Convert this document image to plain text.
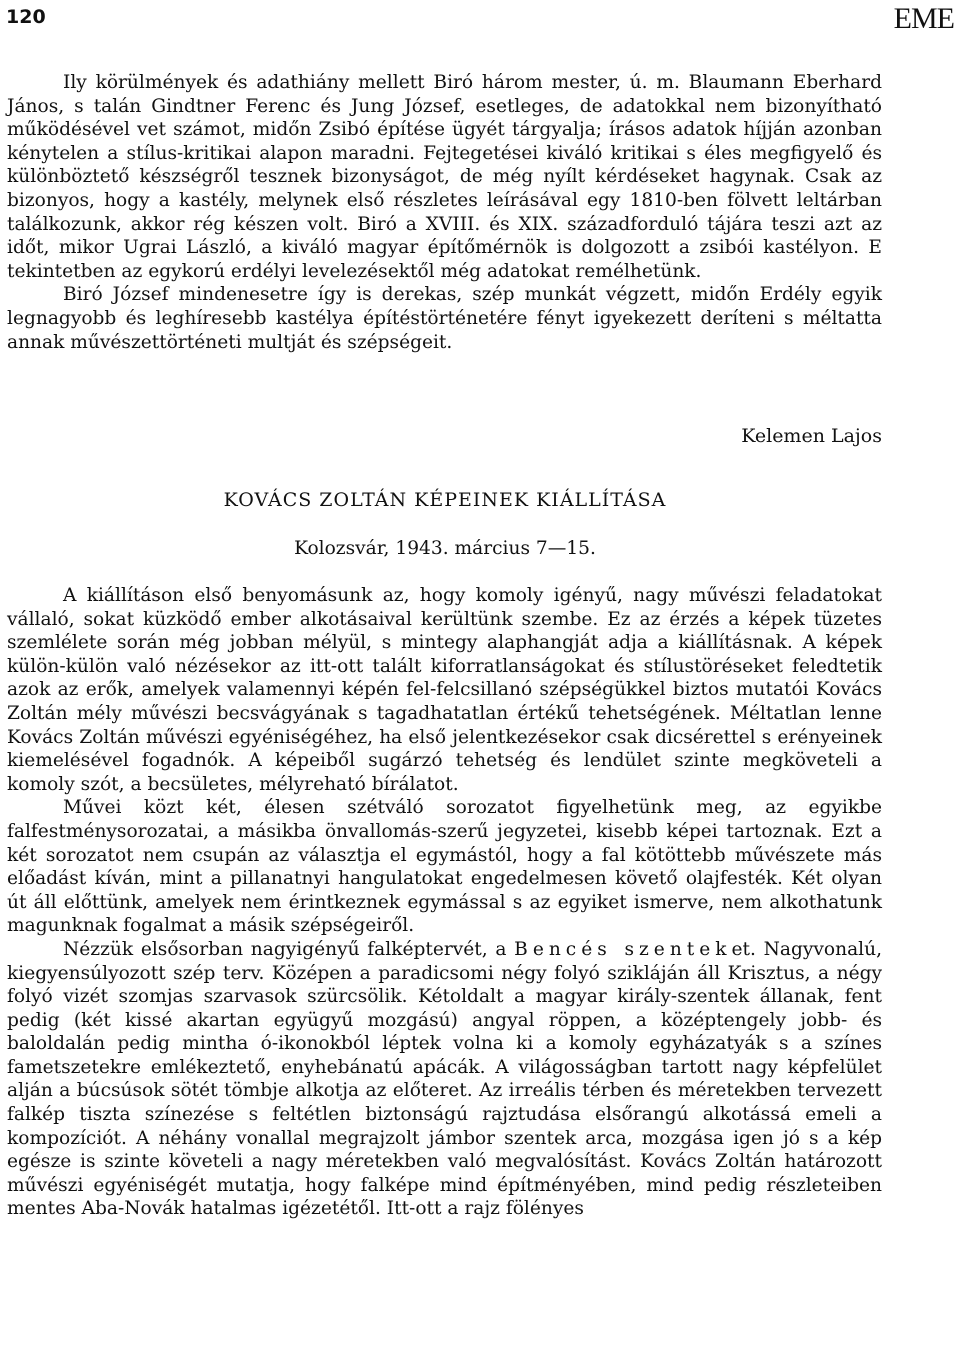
120	EME

Ily körülmények és adathiány mellett Biró három mester, ú. m. Blaumann Eberhard János, s talán Gindtner Ferenc és Jung József, esetleges, de adatokkal nem bizonyítható működésével vet számot, midőn Zsibó építése ügyét tárgyalja; írásos adatok híjján azonban kénytelen a stílus-kritikai alapon maradni. Fejtegetései kiváló kritikai s éles megfigyelő és különböztető készségről tesznek bizonyságot, de még nyílt kérdéseket hagynak. Csak az bizonyos, hogy a kastély, melynek első részletes leírásával egy 1810-ben fölvett leltárban találkozunk, akkor rég készen volt. Biró a XVIII. és XIX. századforduló tájára teszi azt az időt, mikor Ugrai László, a kiváló magyar építőmérnök is dolgozott a zsibói kastélyon. E tekintetben az egykorú erdélyi levelezésektől még adatokat remélhetünk.

Biró József mindenesetre így is derekas, szép munkát végzett, midőn Erdély egyik legnagyobb és leghíresebb kastélya építéstörténetére fényt igyekezett deríteni s méltatta annak művészettörténeti multját és szépségeit.

Kelemen Lajos
KOVÁCS ZOLTÁN KÉPEINEK KIÁLLÍTÁSA
Kolozsvár, 1943. március 7—15.

A kiállításon első benyomásunk az, hogy komoly igényű, nagy művészi feladatokat vállaló, sokat küzködő ember alkotásaival kerültünk szembe. Ez az érzés a képek tüzetes szemlélete során még jobban mélyül, s mintegy alaphangját adja a kiállításnak. A képek külön-külön való nézésekor az itt-ott talált kiforratlanságokat és stílustöréseket feledtetik azok az erők, amelyek valamennyi képén fel-felcsillanó szépségükkel biztos mutatói Kovács Zoltán mély művészi becsvágyának s tagadhatatlan értékű tehetségének. Méltatlan lenne Kovács Zoltán művészi egyéniségéhez, ha első jelentkezésekor csak dicsérettel s erényeinek kiemelésével fogadnók. A képeiből sugárzó tehetség és lendület szinte megköveteli a komoly szót, a becsületes, mélyreható bírálatot.

Művei közt két, élesen szétváló sorozatot figyelhetünk meg, az egyikbe falfestménysorozatai, a másikba önvallomás-szerű jegyzetei, kisebb képei tartoznak. Ezt a két sorozatot nem csupán az választja el egymástól, hogy a fal kötöttebb művészete más előadást kíván, mint a pillanatnyi hangulatokat engedelmesen követő olajfesték. Két olyan út áll előttünk, amelyek nem érintkeznek egymással s az egyiket ismerve, nem alkothatunk magunknak fogalmat a másik szépségeiről.

Nézzük elsősorban nagyigényű falképtervét, a Bencés szenteket. Nagyvonalú, kiegyensúlyozott szép terv. Középen a paradicsomi négy folyó szikláján áll Krisztus, a négy folyó vizét szomjas szarvasok szürcsölik. Kétoldalt a magyar király-szentek állanak, fent pedig (két kissé akartan együgyű mozgású) angyal röppen, a középtengely jobb- és baloldalán pedig mintha ó-ikonokból léptek volna ki a komoly egyházatyák s a színes fametszetekre emlékeztető, enyhebánatú apácák. A világosságban tartott nagy képfelület alján a búcsúsok sötét tömbje alkotja az előteret. Az irreális térben és méretekben tervezett falkép tiszta színezése s feltétlen biztonságú rajztudása elsőrangú alkotássá emeli a kompozíciót. A néhány vonallal megrajzolt jámbor szentek arca, mozgása igen jó s a kép egésze is szinte követeli a nagy méretekben való megvalósítást. Kovács Zoltán határozott művészi egyéniségét mutatja, hogy falképe mind építményében, mind pedig részleteiben mentes Aba-Novák hatalmas igézetétől. Itt-ott a rajz fölényes
